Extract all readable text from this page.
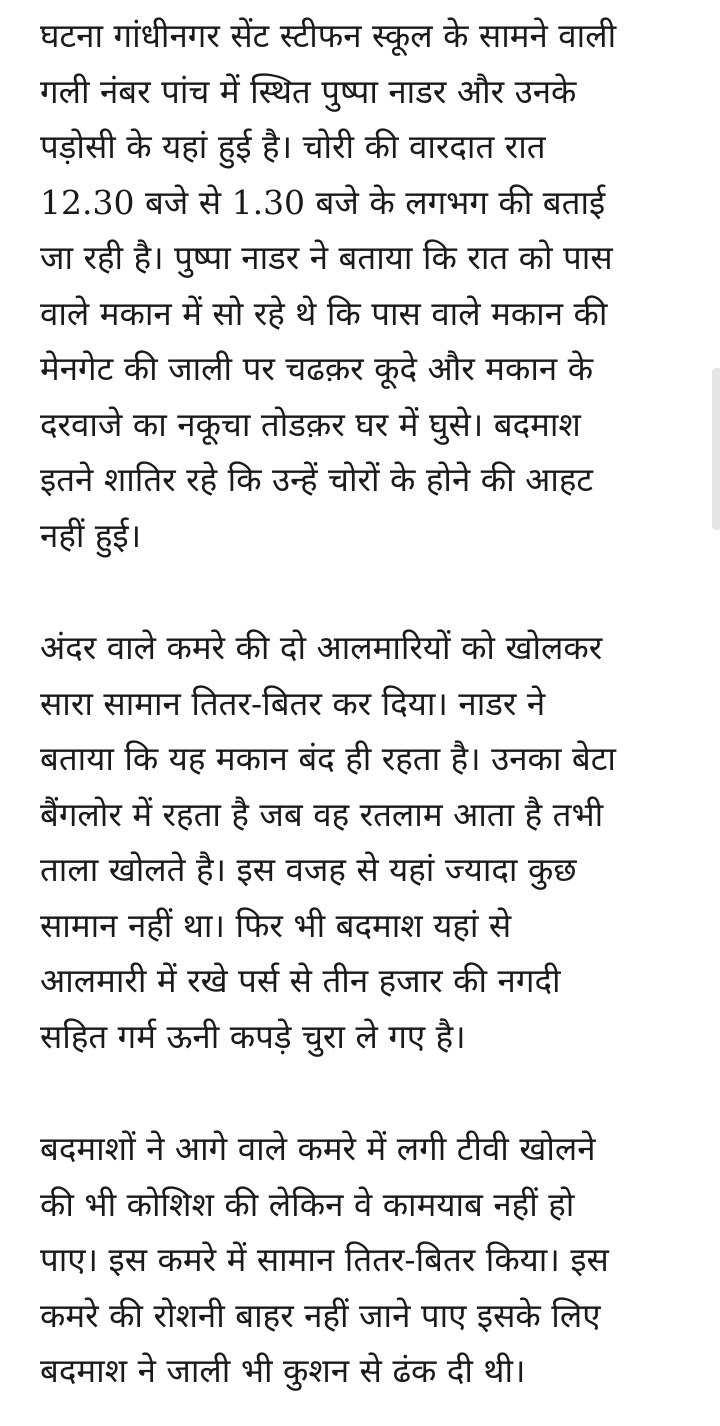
घटना गांधीनगर सेंट स्टीफन स्कूल के सामने वाली
गली नंबर पांच में स्थित पुष्पा नाडर और उनके
पड़ोसी के यहां हुई है। चोरी की वारदात रात
12.30 बजे से 1.30 बजे के लगभग की बताई
जा रही है। पुष्पा नाडर ने बताया कि रात को पास
वाले मकान में सो रहे थे कि पास वाले मकान की
मेनगेट की जाली पर चढक़र कूदे और मकान के
दरवाजे का नकूचा तोडक़र घर में घुसे। बदमाश
इतने शातिर रहे कि उन्हें चोरों के होने की आहट
नहीं हुई।

अंदर वाले कमरे की दो आलमारियों को खोलकर
सारा सामान तितर-बितर कर दिया। नाडर ने
बताया कि यह मकान बंद ही रहता है। उनका बेटा
बैंगलोर में रहता है जब वह रतलाम आता है तभी
ताला खोलते है। इस वजह से यहां ज्यादा कुछ
सामान नहीं था। फिर भी बदमाश यहां से
आलमारी में रखे पर्स से तीन हजार की नगदी
सहित गर्म ऊनी कपड़े चुरा ले गए है।

बदमाशों ने आगे वाले कमरे में लगी टीवी खोलने
की भी कोशिश की लेकिन वे कामयाब नहीं हो
पाए। इस कमरे में सामान तितर-बितर किया। इस
कमरे की रोशनी बाहर नहीं जाने पाए इसके लिए
बदमाश ने जाली भी कुशन से ढंक दी थी।
